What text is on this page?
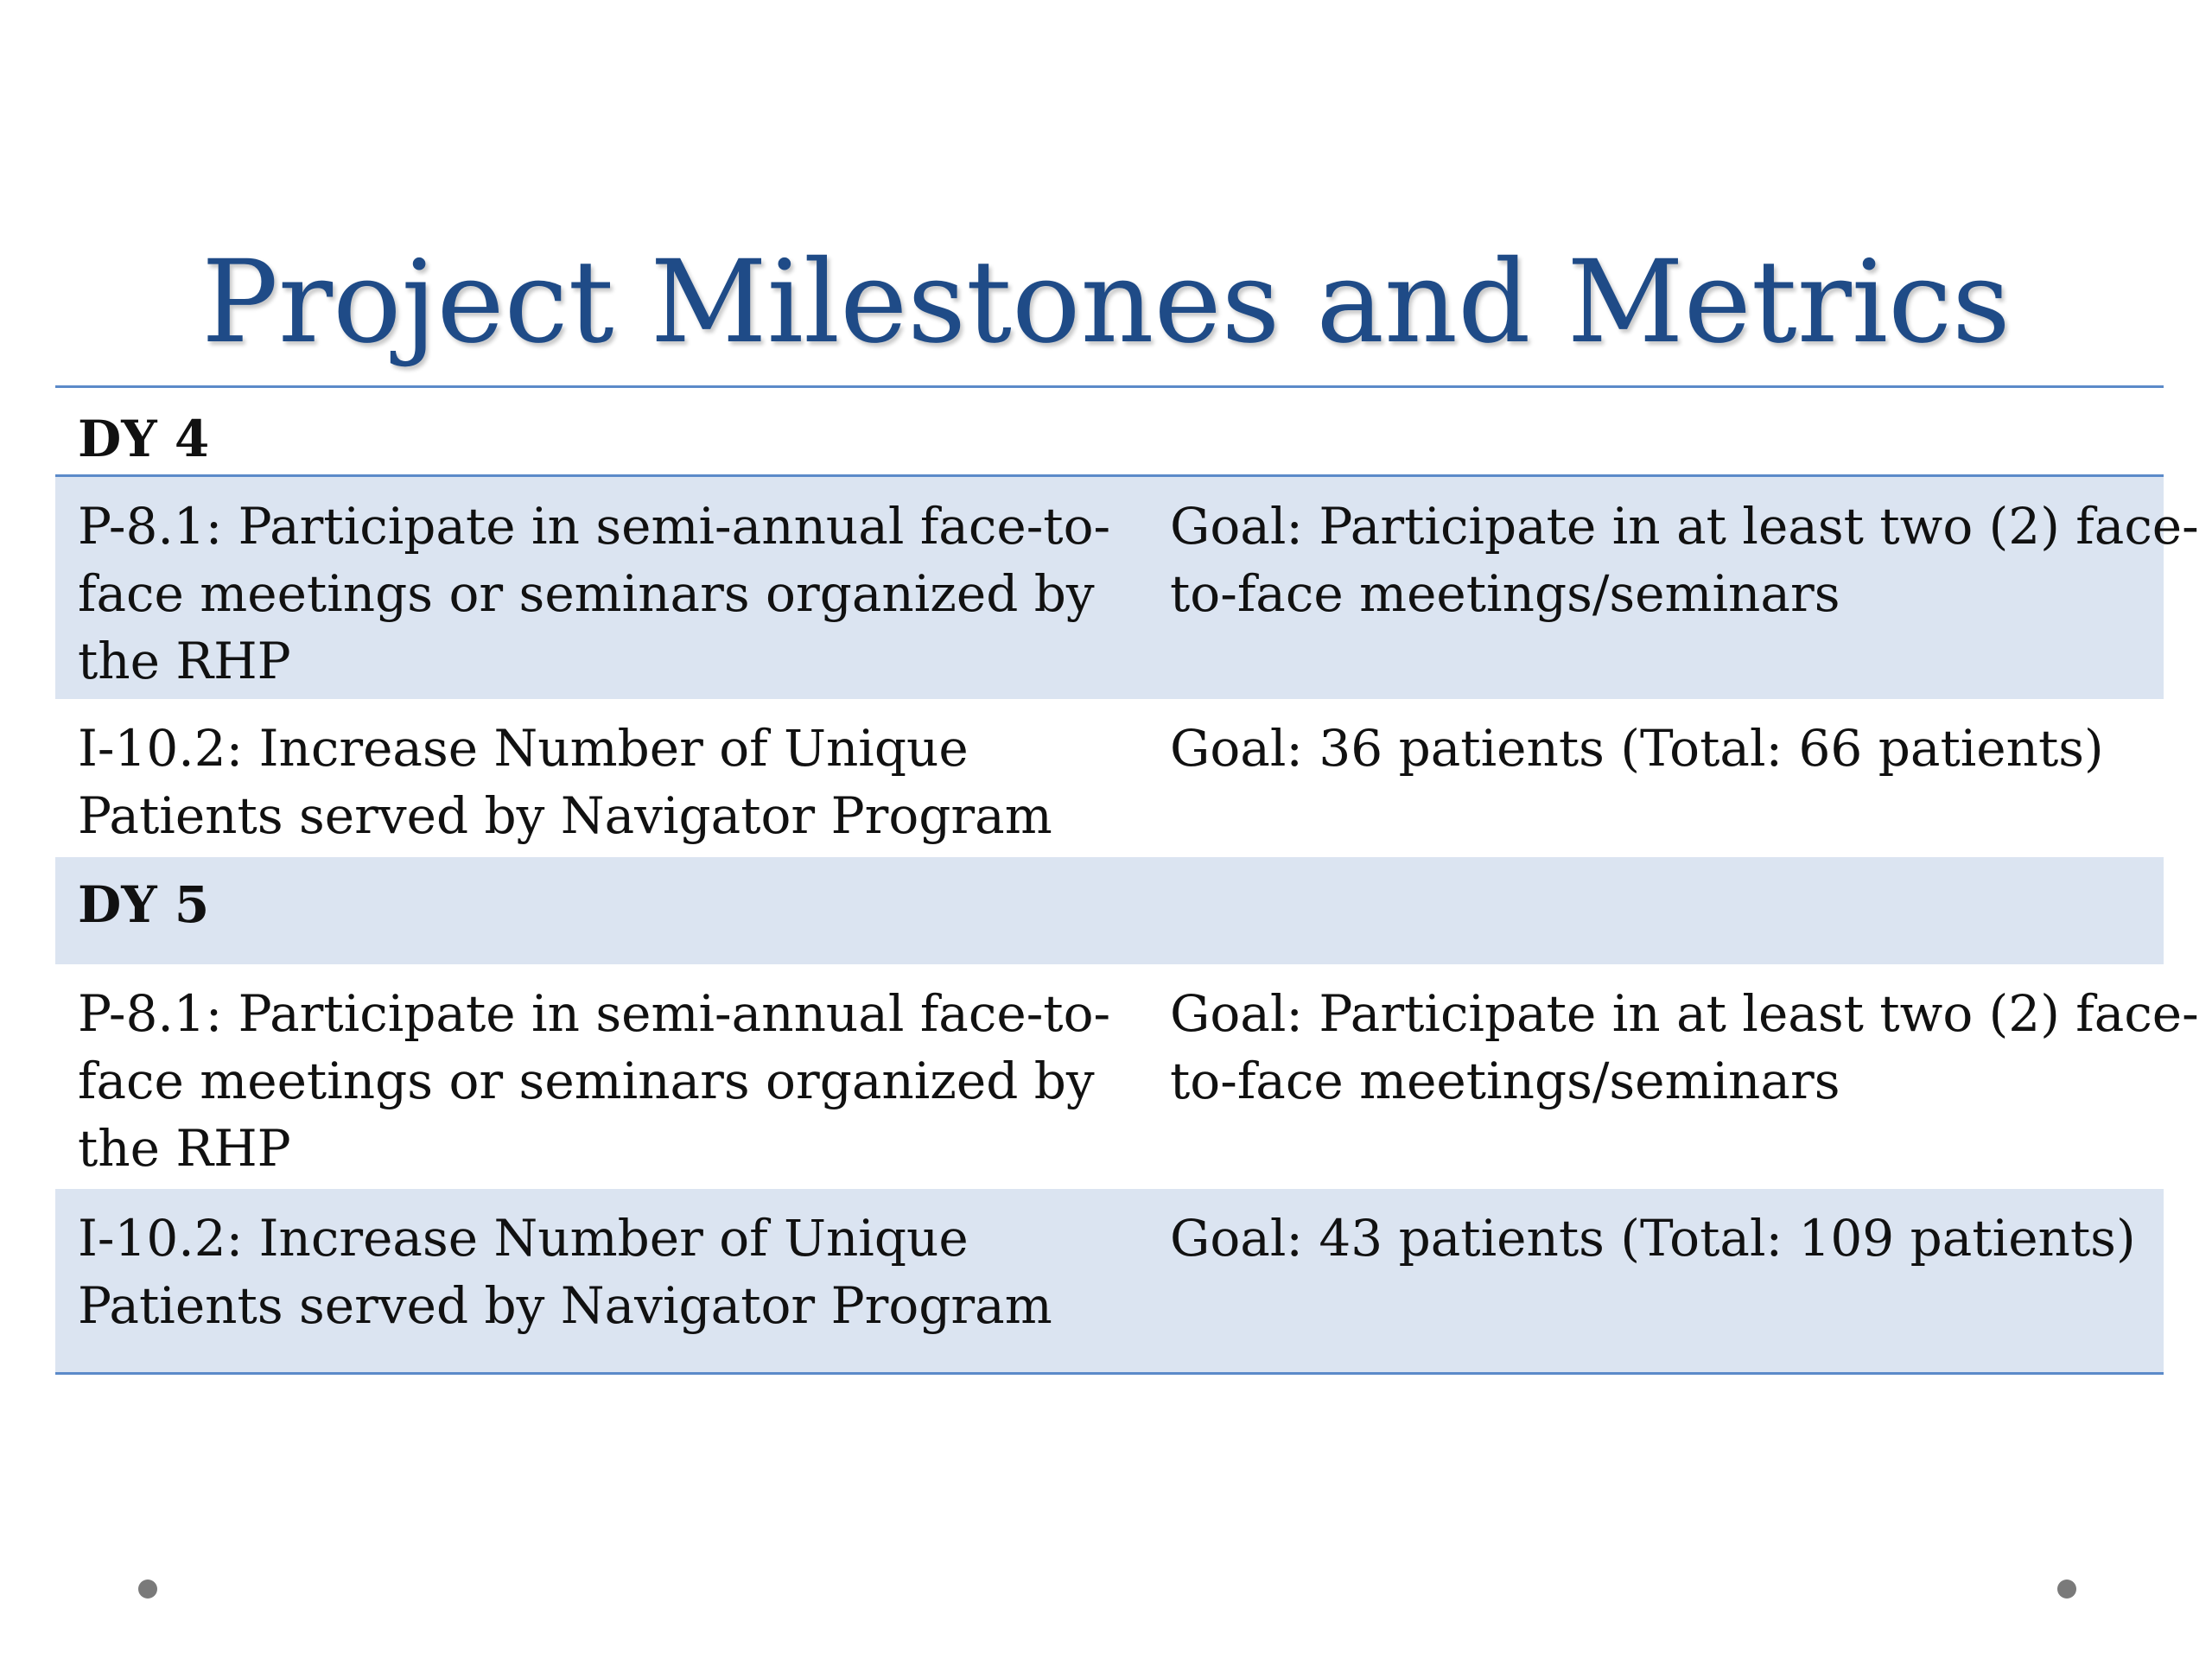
Project Milestones and Metrics
DY 4
P-8.1: Participate in semi-annual face-to-face meetings or seminars organized by the RHP
Goal: Participate in at least two (2) face-to-face meetings/seminars
I-10.2: Increase Number of Unique Patients served by Navigator Program
Goal: 36 patients (Total: 66 patients)
DY 5
P-8.1: Participate in semi-annual face-to-face meetings or seminars organized by the RHP
Goal: Participate in at least two (2) face-to-face meetings/seminars
I-10.2: Increase Number of Unique Patients served by Navigator Program
Goal: 43 patients (Total: 109 patients)
